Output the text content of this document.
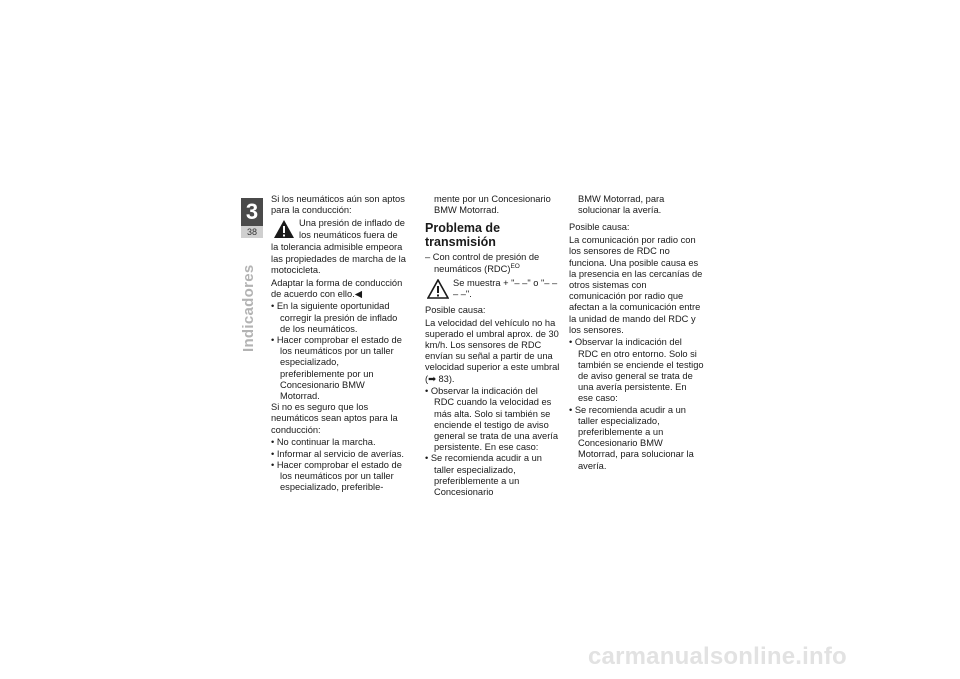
3
38
Indicadores

Si los neumáticos aún son aptos para la conducción:

Una presión de inflado de los neumáticos fuera de

la tolerancia admisible empeora las propiedades de marcha de la motocicleta.

Adaptar la forma de conducción de acuerdo con ello.◀

• En la siguiente oportunidad corregir la presión de inflado de los neumáticos.
• Hacer comprobar el estado de los neumáticos por un taller especializado, preferiblemente por un Concesionario BMW Motorrad.

Si no es seguro que los neumáticos sean aptos para la conducción:

• No continuar la marcha.
• Informar al servicio de averías.
• Hacer comprobar el estado de los neumáticos por un taller especializado, preferible-
mente por un Concesionario BMW Motorrad.
Problema de transmisión
– Con control de presión de neumáticos (RDC)$^{EO}$
Se muestra + "– –" o "– – – –".

Posible causa:

La velocidad del vehículo no ha superado el umbral aprox. de 30 km/h. Los sensores de RDC envían su señal a partir de una velocidad superior a este umbral (➡ 83).

• Observar la indicación del RDC cuando la velocidad es más alta. Solo si también se enciende el testigo de aviso general se trata de una avería persistente. En ese caso:
• Se recomienda acudir a un taller especializado, preferiblemente a un Concesionario
BMW Motorrad, para solucionar la avería.

Posible causa:

La comunicación por radio con los sensores de RDC no funciona. Una posible causa es la presencia en las cercanías de otros sistemas con comunicación por radio que afectan a la comunicación entre la unidad de mando del RDC y los sensores.

• Observar la indicación del RDC en otro entorno. Solo si también se enciende el testigo de aviso general se trata de una avería persistente. En ese caso:
• Se recomienda acudir a un taller especializado, preferiblemente a un Concesionario BMW Motorrad, para solucionar la avería.
carmanualsonline.info
